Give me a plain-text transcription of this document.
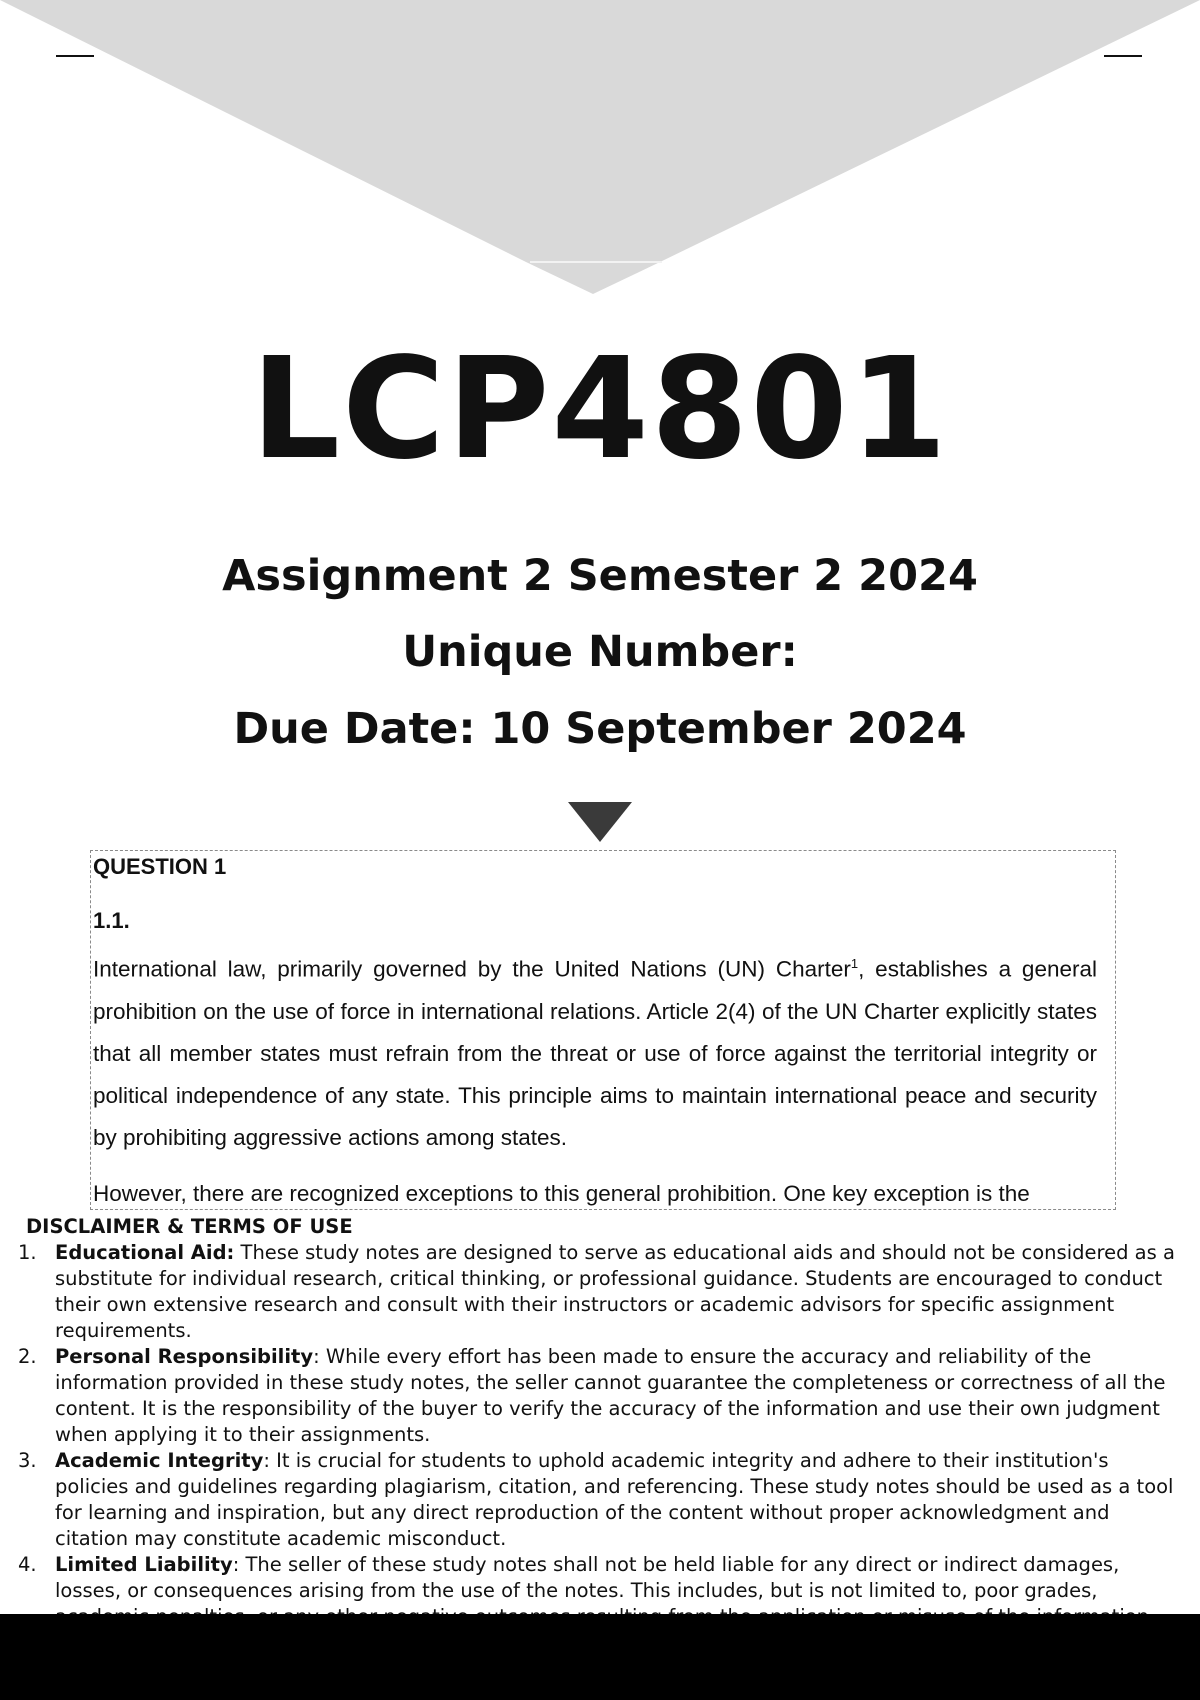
LCP4801
Assignment 2 Semester 2 2024
Unique Number:
Due Date: 10 September 2024
QUESTION 1
1.1.

International law, primarily governed by the United Nations (UN) Charter$^1$, establishes a general prohibition on the use of force in international relations. Article 2(4) of the UN Charter explicitly states that all member states must refrain from the threat or use of force against the territorial integrity or political independence of any state. This principle aims to maintain international peace and security by prohibiting aggressive actions among states.

However, there are recognized exceptions to this general prohibition. One key exception is the

DISCLAIMER & TERMS OF USE
1. Educational Aid: These study notes are designed to serve as educational aids and should not be considered as a substitute for individual research, critical thinking, or professional guidance. Students are encouraged to conduct their own extensive research and consult with their instructors or academic advisors for specific assignment requirements.
2. Personal Responsibility: While every effort has been made to ensure the accuracy and reliability of the information provided in these study notes, the seller cannot guarantee the completeness or correctness of all the content. It is the responsibility of the buyer to verify the accuracy of the information and use their own judgment when applying it to their assignments.
3. Academic Integrity: It is crucial for students to uphold academic integrity and adhere to their institution's policies and guidelines regarding plagiarism, citation, and referencing. These study notes should be used as a tool for learning and inspiration, but any direct reproduction of the content without proper acknowledgment and citation may constitute academic misconduct.
4. Limited Liability: The seller of these study notes shall not be held liable for any direct or indirect damages, losses, or consequences arising from the use of the notes. This includes, but is not limited to, poor grades,
